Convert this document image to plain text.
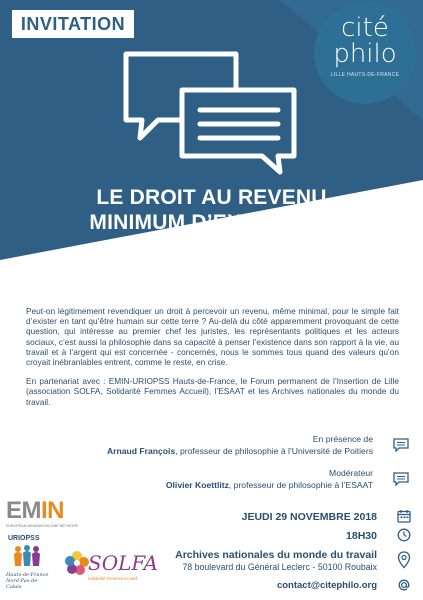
INVITATION	cité
philo
LILLE HAUTS-DE-FRANCE
LE DROIT AU REVENU
MINIMUM D’EXISTENCE
EN QUESTION

Peut-on légitimement revendiquer un droit à percevoir un revenu, même minimal, pour le simple fait d’exister en tant qu’être humain sur cette terre ? Au-delà du côté apparemment provoquant de cette question, qui intéresse au premier chef les juristes, les représentants politiques et les acteurs sociaux, c’est aussi la philosophie dans sa capacité à penser l’existence dans son rapport à la vie, au travail et à l’argent qui est concernée - concernés, nous le sommes tous quand des valeurs qu’on croyait inébranlables entrent, comme le reste, en crise.

En partenariat avec : EMIN-URIOPSS Hauts-de-France, le Forum permanent de l’Insertion de Lille (association SOLFA, Solidarité Femmes Accueil), l’ESAAT et les Archives nationales du monde du travail.

En présence de
Arnaud François, professeur de philosophie à l’Université de Poitiers
Modérateur
Olivier Koettlitz, professeur de philosophie à l’ESAAT
JEUDI 29 NOVEMBRE 2018
18H30
Archives nationales du monde du travail
78 boulevard du Général Leclerc - 50100 Roubaix
contact@citephilo.org
EMIN
EUROPEAN MINIMUM INCOME NETWORK
URIOPSS
Hauts-de-France Nord-Pas-de-Calais
SOLFA
Solidarité Femmes Accueil
